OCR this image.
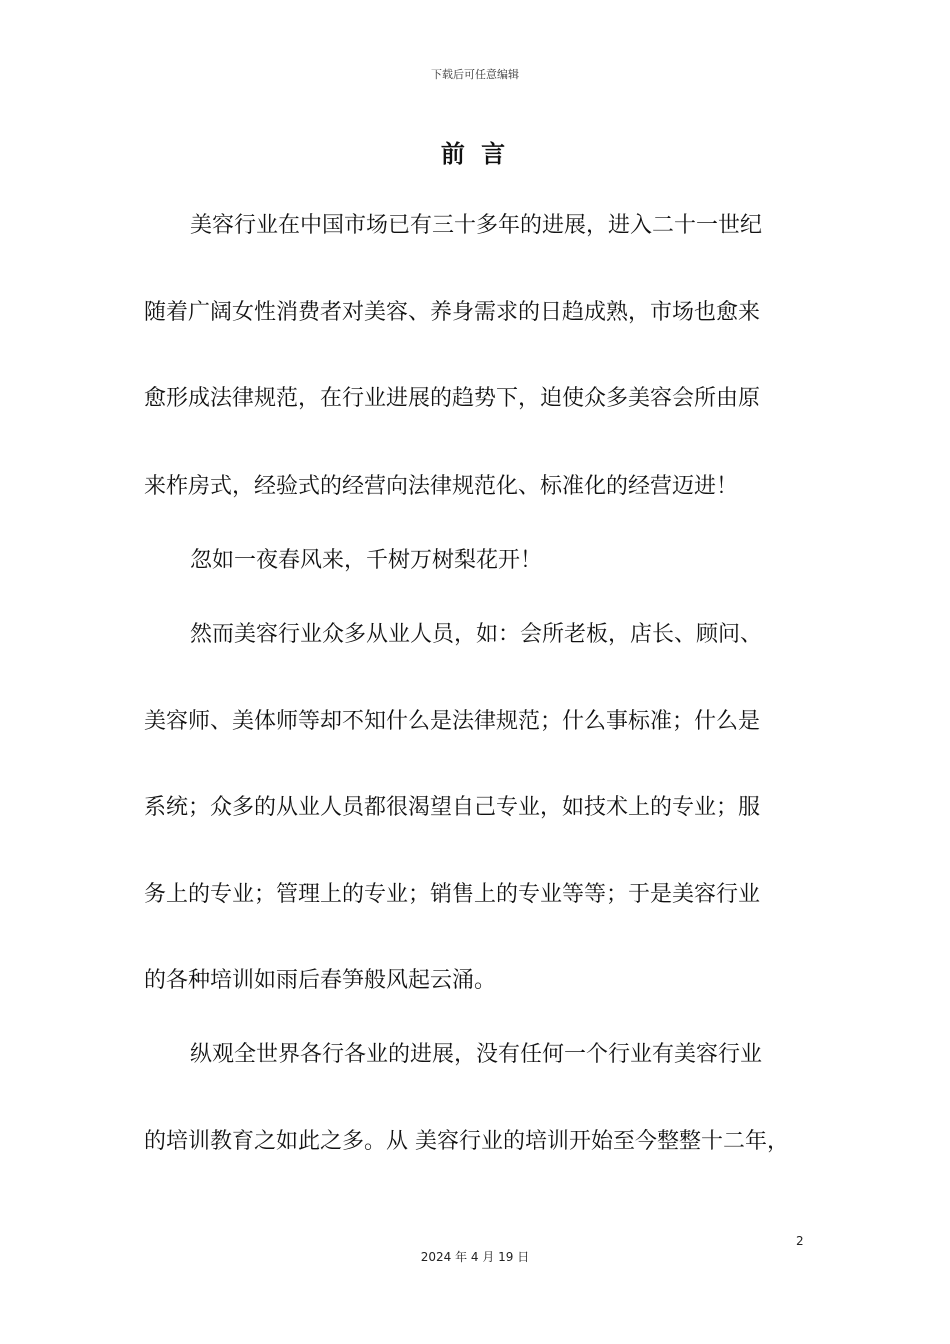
下载后可任意编辑
前 言
美容行业在中国市场已有三十多年的进展，进入二十一世纪
随着广阔女性消费者对美容、养身需求的日趋成熟，市场也愈来
愈形成法律规范，在行业进展的趋势下，迫使众多美容会所由原
来柞房式，经验式的经营向法律规范化、标准化的经营迈进！
忽如一夜春风来，千树万树梨花开！
然而美容行业众多从业人员，如：会所老板，店长、顾问、
美容师、美体师等却不知什么是法律规范；什么事标准；什么是
系统；众多的从业人员都很渴望自己专业，如技术上的专业；服
务上的专业；管理上的专业；销售上的专业等等；于是美容行业
的各种培训如雨后春笋般风起云涌。
纵观全世界各行各业的进展，没有任何一个行业有美容行业
的培训教育之如此之多。从 美容行业的培训开始至今整整十二年，
2
2024 年 4 月 19 日
